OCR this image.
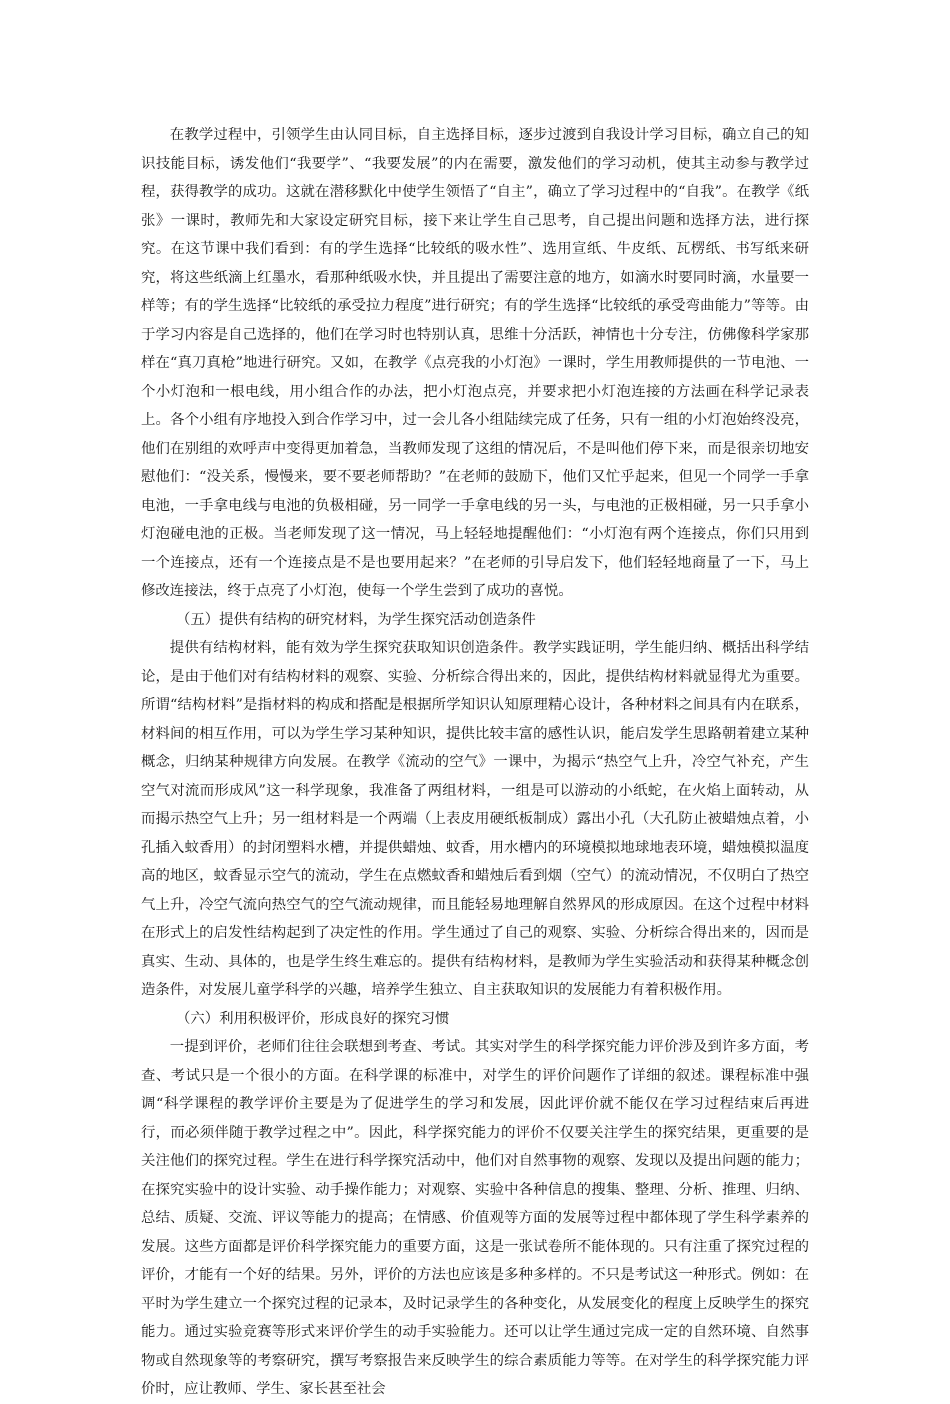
在教学过程中，引领学生由认同目标，自主选择目标，逐步过渡到自我设计学习目标，确立自己的知识技能目标，诱发他们“我要学”、“我要发展”的内在需要，激发他们的学习动机，使其主动参与教学过程，获得教学的成功。这就在潜移默化中使学生领悟了“自主”，确立了学习过程中的“自我”。在教学《纸张》一课时，教师先和大家设定研究目标，接下来让学生自己思考，自己提出问题和选择方法，进行探究。在这节课中我们看到：有的学生选择“比较纸的吸水性”、选用宣纸、牛皮纸、瓦楞纸、书写纸来研究，将这些纸滴上红墨水，看那种纸吸水快，并且提出了需要注意的地方，如滴水时要同时滴，水量要一样等；有的学生选择“比较纸的承受拉力程度”进行研究；有的学生选择“比较纸的承受弯曲能力”等等。由于学习内容是自己选择的，他们在学习时也特别认真，思维十分活跃，神情也十分专注，仿佛像科学家那样在“真刀真枪”地进行研究。又如，在教学《点亮我的小灯泡》一课时，学生用教师提供的一节电池、一个小灯泡和一根电线，用小组合作的办法，把小灯泡点亮，并要求把小灯泡连接的方法画在科学记录表上。各个小组有序地投入到合作学习中，过一会儿各小组陆续完成了任务，只有一组的小灯泡始终没亮，他们在别组的欢呼声中变得更加着急，当教师发现了这组的情况后，不是叫他们停下来，而是很亲切地安慰他们：“没关系，慢慢来，要不要老师帮助？”在老师的鼓励下，他们又忙乎起来，但见一个同学一手拿电池，一手拿电线与电池的负极相碰，另一同学一手拿电线的另一头，与电池的正极相碰，另一只手拿小灯泡碰电池的正极。当老师发现了这一情况，马上轻轻地提醒他们：“小灯泡有两个连接点，你们只用到一个连接点，还有一个连接点是不是也要用起来？”在老师的引导启发下，他们轻轻地商量了一下，马上修改连接法，终于点亮了小灯泡，使每一个学生尝到了成功的喜悦。

（五）提供有结构的研究材料，为学生探究活动创造条件

提供有结构材料，能有效为学生探究获取知识创造条件。教学实践证明，学生能归纳、概括出科学结论，是由于他们对有结构材料的观察、实验、分析综合得出来的，因此，提供结构材料就显得尤为重要。所谓“结构材料”是指材料的构成和搭配是根据所学知识认知原理精心设计，各种材料之间具有内在联系，材料间的相互作用，可以为学生学习某种知识，提供比较丰富的感性认识，能启发学生思路朝着建立某种概念，归纳某种规律方向发展。在教学《流动的空气》一课中，为揭示“热空气上升，冷空气补充，产生空气对流而形成风”这一科学现象，我准备了两组材料，一组是可以游动的小纸蛇，在火焰上面转动，从而揭示热空气上升；另一组材料是一个两端（上表皮用硬纸板制成）露出小孔（大孔防止被蜡烛点着，小孔插入蚊香用）的封闭塑料水槽，并提供蜡烛、蚊香，用水槽内的环境模拟地球地表环境，蜡烛模拟温度高的地区，蚊香显示空气的流动，学生在点燃蚊香和蜡烛后看到烟（空气）的流动情况，不仅明白了热空气上升，冷空气流向热空气的空气流动规律，而且能轻易地理解自然界风的形成原因。在这个过程中材料在形式上的启发性结构起到了决定性的作用。学生通过了自己的观察、实验、分析综合得出来的，因而是真实、生动、具体的，也是学生终生难忘的。提供有结构材料，是教师为学生实验活动和获得某种概念创造条件，对发展儿童学科学的兴趣，培养学生独立、自主获取知识的发展能力有着积极作用。

（六）利用积极评价，形成良好的探究习惯

一提到评价，老师们往往会联想到考查、考试。其实对学生的科学探究能力评价涉及到许多方面，考查、考试只是一个很小的方面。在科学课的标准中，对学生的评价问题作了详细的叙述。课程标准中强调“科学课程的教学评价主要是为了促进学生的学习和发展，因此评价就不能仅在学习过程结束后再进行，而必须伴随于教学过程之中”。因此，科学探究能力的评价不仅要关注学生的探究结果，更重要的是关注他们的探究过程。学生在进行科学探究活动中，他们对自然事物的观察、发现以及提出问题的能力；在探究实验中的设计实验、动手操作能力；对观察、实验中各种信息的搜集、整理、分析、推理、归纳、总结、质疑、交流、评议等能力的提高；在情感、价值观等方面的发展等过程中都体现了学生科学素养的发展。这些方面都是评价科学探究能力的重要方面，这是一张试卷所不能体现的。只有注重了探究过程的评价，才能有一个好的结果。另外，评价的方法也应该是多种多样的。不只是考试这一种形式。例如：在平时为学生建立一个探究过程的记录本，及时记录学生的各种变化，从发展变化的程度上反映学生的探究能力。通过实验竞赛等形式来评价学生的动手实验能力。还可以让学生通过完成一定的自然环境、自然事物或自然现象等的考察研究，撰写考察报告来反映学生的综合素质能力等等。在对学生的科学探究能力评价时，应让教师、学生、家长甚至社会
